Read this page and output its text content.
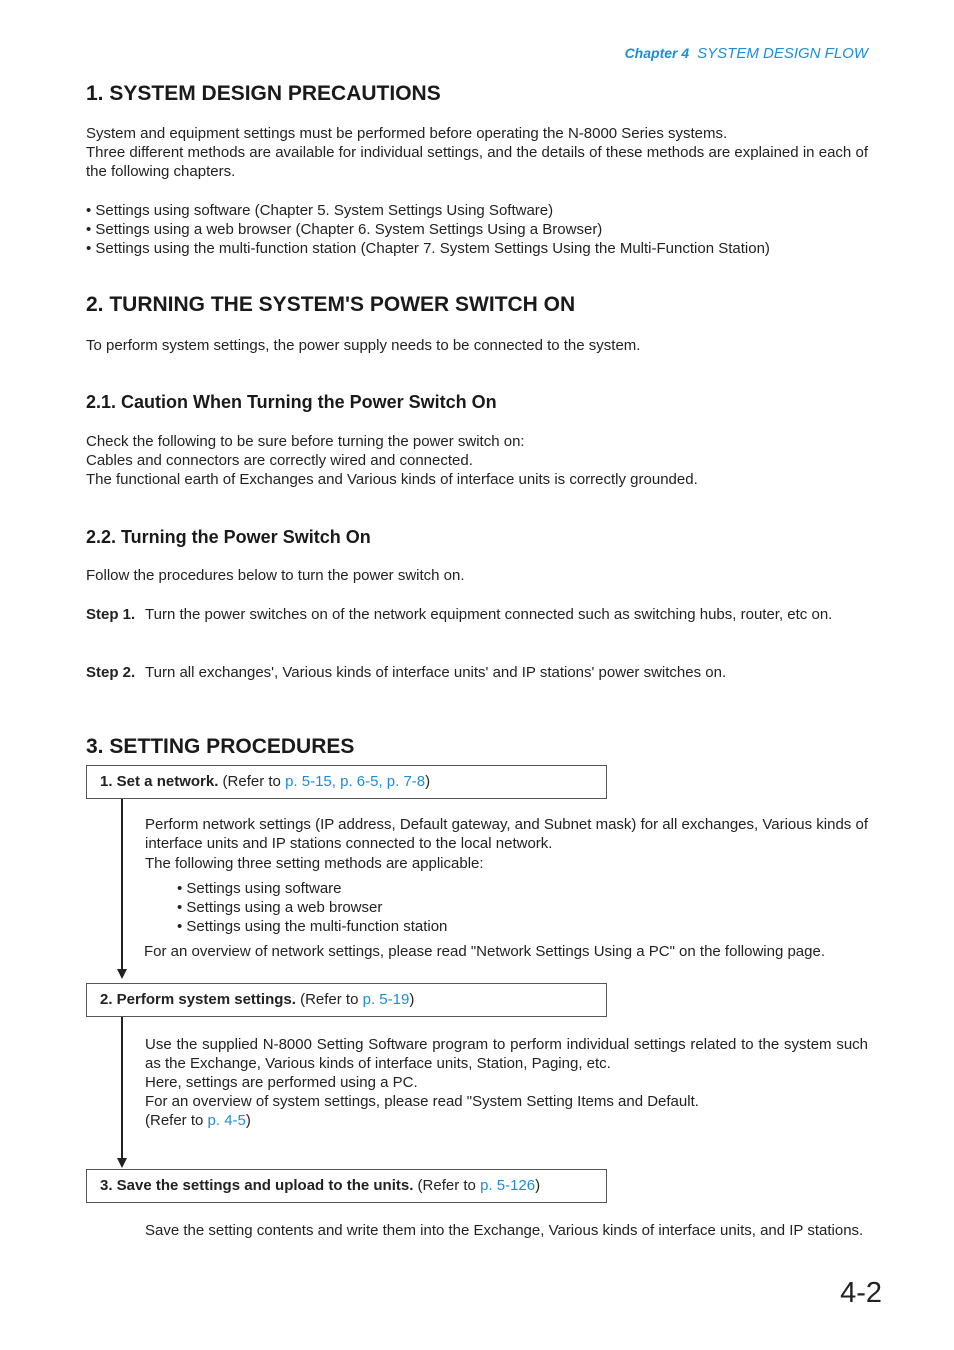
Chapter 4 SYSTEM DESIGN FLOW
1. SYSTEM DESIGN PRECAUTIONS
System and equipment settings must be performed before operating the N-8000 Series systems.
Three different methods are available for individual settings, and the details of these methods are explained in each of the following chapters.
• Settings using software (Chapter 5. System Settings Using Software)
• Settings using a web browser (Chapter 6. System Settings Using a Browser)
• Settings using the multi-function station (Chapter 7. System Settings Using the Multi-Function Station)
2. TURNING THE SYSTEM'S POWER SWITCH ON
To perform system settings, the power supply needs to be connected to the system.
2.1. Caution When Turning the Power Switch On
Check the following to be sure before turning the power switch on:
Cables and connectors are correctly wired and connected.
The functional earth of Exchanges and Various kinds of interface units is correctly grounded.
2.2. Turning the Power Switch On
Follow the procedures below to turn the power switch on.
Step 1. Turn the power switches on of the network equipment connected such as switching hubs, router, etc on.
Step 2. Turn all exchanges', Various kinds of interface units' and IP stations' power switches on.
3. SETTING PROCEDURES
1. Set a network. (Refer to p. 5-15, p. 6-5, p. 7-8)
Perform network settings (IP address, Default gateway, and Subnet mask) for all exchanges, Various kinds of interface units and IP stations connected to the local network.
The following three setting methods are applicable:
• Settings using software
• Settings using a web browser
• Settings using the multi-function station
For an overview of network settings, please read "Network Settings Using a PC" on the following page.
2. Perform system settings. (Refer to p. 5-19)
Use the supplied N-8000 Setting Software program to perform individual settings related to the system such as the Exchange, Various kinds of interface units, Station, Paging, etc.
Here, settings are performed using a PC.
For an overview of system settings, please read "System Setting Items and Default.
(Refer to p. 4-5)
3. Save the settings and upload to the units. (Refer to p. 5-126)
Save the setting contents and write them into the Exchange, Various kinds of interface units, and IP stations.
4-2
